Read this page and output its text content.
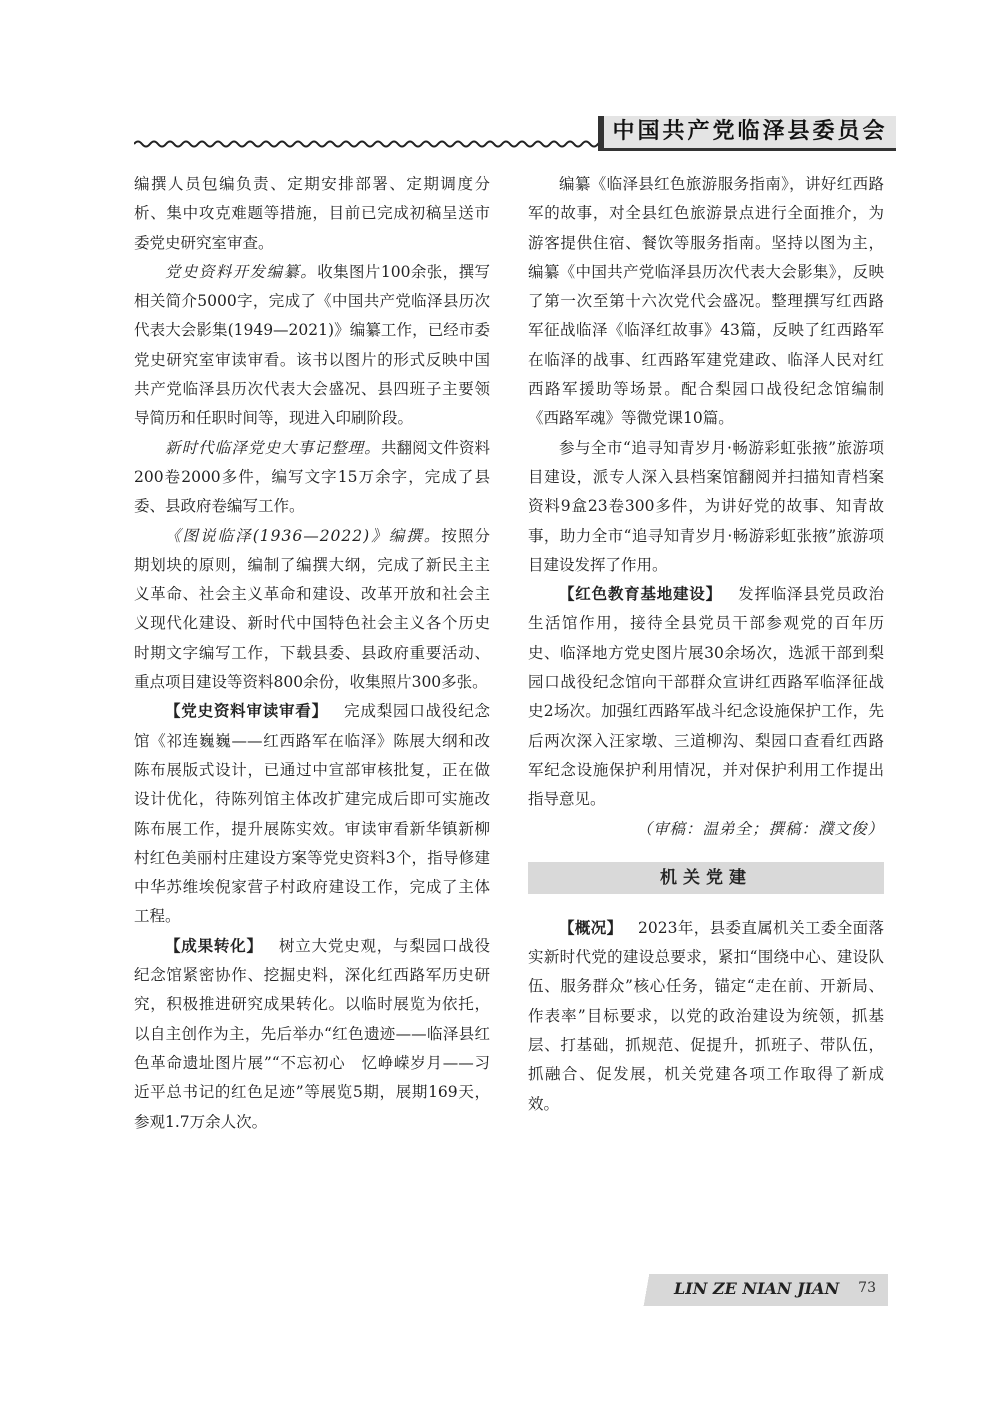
中国共产党临泽县委员会

编撰人员包编负责、定期安排部署、定期调度分析、集中攻克难题等措施，目前已完成初稿呈送市委党史研究室审查。

党史资料开发编纂。收集图片100余张，撰写相关简介5000字，完成了《中国共产党临泽县历次代表大会影集(1949—2021)》编纂工作，已经市委党史研究室审读审看。该书以图片的形式反映中国共产党临泽县历次代表大会盛况、县四班子主要领导简历和任职时间等，现进入印刷阶段。

新时代临泽党史大事记整理。共翻阅文件资料200卷2000多件，编写文字15万余字，完成了县委、县政府卷编写工作。

《图说临泽(1936—2022)》编撰。按照分期划块的原则，编制了编撰大纲，完成了新民主主义革命、社会主义革命和建设、改革开放和社会主义现代化建设、新时代中国特色社会主义各个历史时期文字编写工作，下载县委、县政府重要活动、重点项目建设等资料800余份，收集照片300多张。

【党史资料审读审看】  完成梨园口战役纪念馆《祁连巍巍——红西路军在临泽》陈展大纲和改陈布展版式设计，已通过中宣部审核批复，正在做设计优化，待陈列馆主体改扩建完成后即可实施改陈布展工作，提升展陈实效。审读审看新华镇新柳村红色美丽村庄建设方案等党史资料3个，指导修建中华苏维埃倪家营子村政府建设工作，完成了主体工程。

【成果转化】  树立大党史观，与梨园口战役纪念馆紧密协作、挖掘史料，深化红西路军历史研究，积极推进研究成果转化。以临时展览为依托，以自主创作为主，先后举办“红色遗迹——临泽县红色革命遗址图片展”“不忘初心　忆峥嵘岁月——习近平总书记的红色足迹”等展览5期，展期169天，参观1.7万余人次。

编纂《临泽县红色旅游服务指南》，讲好红西路军的故事，对全县红色旅游景点进行全面推介，为游客提供住宿、餐饮等服务指南。坚持以图为主，编纂《中国共产党临泽县历次代表大会影集》，反映了第一次至第十六次党代会盛况。整理撰写红西路军征战临泽《临泽红故事》43篇，反映了红西路军在临泽的战事、红西路军建党建政、临泽人民对红西路军援助等场景。配合梨园口战役纪念馆编制《西路军魂》等微党课10篇。

参与全市“追寻知青岁月·畅游彩虹张掖”旅游项目建设，派专人深入县档案馆翻阅并扫描知青档案资料9盒23卷300多件，为讲好党的故事、知青故事，助力全市“追寻知青岁月·畅游彩虹张掖”旅游项目建设发挥了作用。

【红色教育基地建设】  发挥临泽县党员政治生活馆作用，接待全县党员干部参观党的百年历史、临泽地方党史图片展30余场次，选派干部到梨园口战役纪念馆向干部群众宣讲红西路军临泽征战史2场次。加强红西路军战斗纪念设施保护工作，先后两次深入汪家墩、三道柳沟、梨园口查看红西路军纪念设施保护利用情况，并对保护利用工作提出指导意见。

（审稿：温弟全；撰稿：濮文俊）

机关党建

【概况】  2023年，县委直属机关工委全面落实新时代党的建设总要求，紧扣“围绕中心、建设队伍、服务群众”核心任务，锚定“走在前、开新局、作表率”目标要求，以党的政治建设为统领，抓基层、打基础，抓规范、促提升，抓班子、带队伍，抓融合、促发展，机关党建各项工作取得了新成效。

LIN ZE NIAN JIAN 73
